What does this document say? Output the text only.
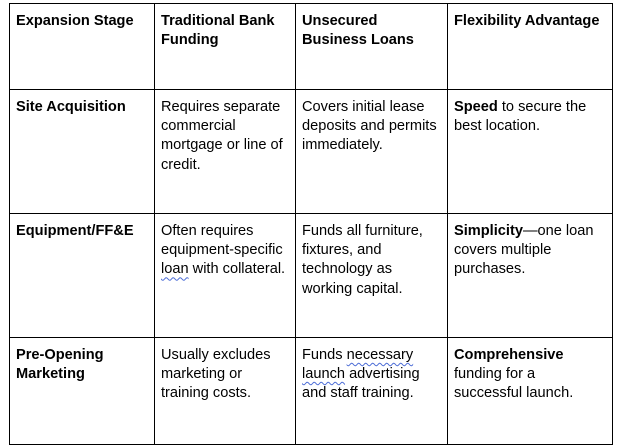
Expansion Stage	Traditional Bank Funding	Unsecured Business Loans	Flexibility Advantage
Site Acquisition	Requires separate commercial mortgage or line of credit.	Covers initial lease deposits and permits immediately.	Speed to secure the best location.
Equipment/FF&E	Often requires equipment-specific loan with collateral.	Funds all furniture, fixtures, and technology as working capital.	Simplicity—one loan covers multiple purchases.
Pre-Opening Marketing	Usually excludes marketing or training costs.	Funds necessary launch advertising and staff training.	Comprehensive funding for a successful launch.
